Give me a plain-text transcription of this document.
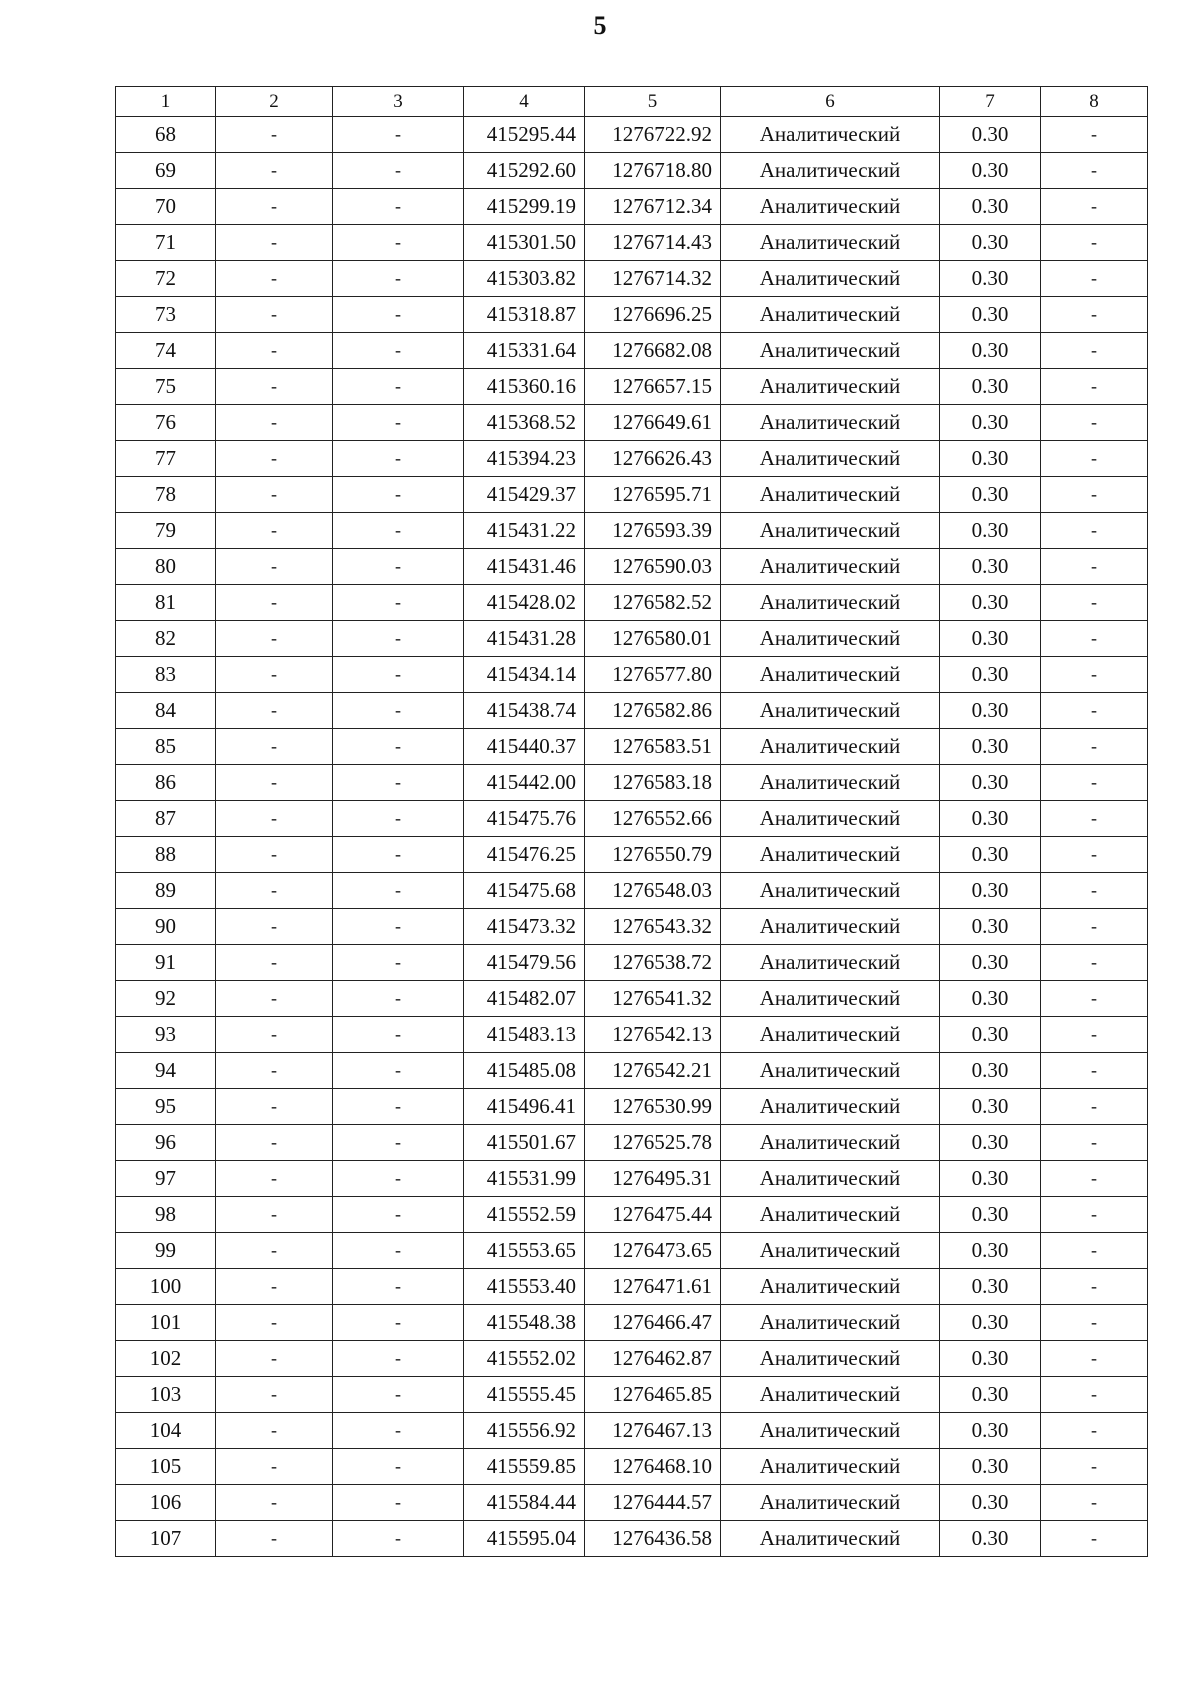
5
1	2	3	4	5	6	7	8
68	-	-	415295.44	1276722.92	Аналитический	0.30	-
69	-	-	415292.60	1276718.80	Аналитический	0.30	-
70	-	-	415299.19	1276712.34	Аналитический	0.30	-
71	-	-	415301.50	1276714.43	Аналитический	0.30	-
72	-	-	415303.82	1276714.32	Аналитический	0.30	-
73	-	-	415318.87	1276696.25	Аналитический	0.30	-
74	-	-	415331.64	1276682.08	Аналитический	0.30	-
75	-	-	415360.16	1276657.15	Аналитический	0.30	-
76	-	-	415368.52	1276649.61	Аналитический	0.30	-
77	-	-	415394.23	1276626.43	Аналитический	0.30	-
78	-	-	415429.37	1276595.71	Аналитический	0.30	-
79	-	-	415431.22	1276593.39	Аналитический	0.30	-
80	-	-	415431.46	1276590.03	Аналитический	0.30	-
81	-	-	415428.02	1276582.52	Аналитический	0.30	-
82	-	-	415431.28	1276580.01	Аналитический	0.30	-
83	-	-	415434.14	1276577.80	Аналитический	0.30	-
84	-	-	415438.74	1276582.86	Аналитический	0.30	-
85	-	-	415440.37	1276583.51	Аналитический	0.30	-
86	-	-	415442.00	1276583.18	Аналитический	0.30	-
87	-	-	415475.76	1276552.66	Аналитический	0.30	-
88	-	-	415476.25	1276550.79	Аналитический	0.30	-
89	-	-	415475.68	1276548.03	Аналитический	0.30	-
90	-	-	415473.32	1276543.32	Аналитический	0.30	-
91	-	-	415479.56	1276538.72	Аналитический	0.30	-
92	-	-	415482.07	1276541.32	Аналитический	0.30	-
93	-	-	415483.13	1276542.13	Аналитический	0.30	-
94	-	-	415485.08	1276542.21	Аналитический	0.30	-
95	-	-	415496.41	1276530.99	Аналитический	0.30	-
96	-	-	415501.67	1276525.78	Аналитический	0.30	-
97	-	-	415531.99	1276495.31	Аналитический	0.30	-
98	-	-	415552.59	1276475.44	Аналитический	0.30	-
99	-	-	415553.65	1276473.65	Аналитический	0.30	-
100	-	-	415553.40	1276471.61	Аналитический	0.30	-
101	-	-	415548.38	1276466.47	Аналитический	0.30	-
102	-	-	415552.02	1276462.87	Аналитический	0.30	-
103	-	-	415555.45	1276465.85	Аналитический	0.30	-
104	-	-	415556.92	1276467.13	Аналитический	0.30	-
105	-	-	415559.85	1276468.10	Аналитический	0.30	-
106	-	-	415584.44	1276444.57	Аналитический	0.30	-
107	-	-	415595.04	1276436.58	Аналитический	0.30	-
